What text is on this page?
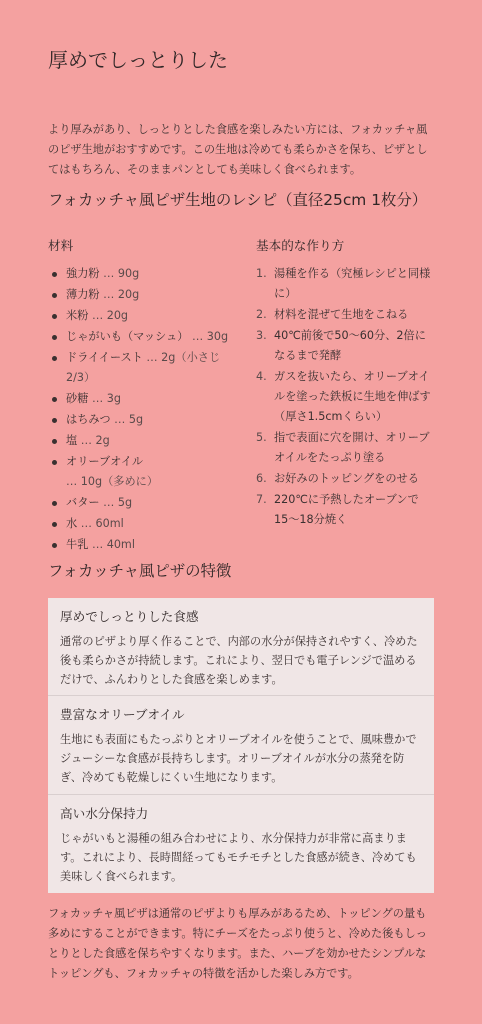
厚めでしっとりした

より厚みがあり、しっとりとした食感を楽しみたい方には、フォカッチャ風のピザ生地がおすすめです。この生地は冷めても柔らかさを保ち、ピザとしてはもちろん、そのままパンとしても美味しく食べられます。

フォカッチャ風ピザ生地のレシピ（直径25cm 1枚分）
材料
強力粉 … 90g
薄力粉 … 20g
米粉 … 20g
じゃがいも（マッシュ） … 30g
ドライイースト … 2g（小さじ2/3）
砂糖 … 3g
はちみつ … 5g
塩 … 2g
オリーブオイル … 10g（多めに）
バター … 5g
水 … 60ml
牛乳 … 40ml
基本的な作り方
1. 湯種を作る（究極レシピと同様に）
2. 材料を混ぜて生地をこねる
3. 40℃前後で50〜60分、2倍になるまで発酵
4. ガスを抜いたら、オリーブオイルを塗った鉄板に生地を伸ばす（厚さ1.5cmくらい）
5. 指で表面に穴を開け、オリーブオイルをたっぷり塗る
6. お好みのトッピングをのせる
7. 220℃に予熱したオーブンで15〜18分焼く
フォカッチャ風ピザの特徴
厚めでしっとりした食感

通常のピザより厚く作ることで、内部の水分が保持されやすく、冷めた後も柔らかさが持続します。これにより、翌日でも電子レンジで温めるだけで、ふんわりとした食感を楽しめます。

豊富なオリーブオイル

生地にも表面にもたっぷりとオリーブオイルを使うことで、風味豊かでジューシーな食感が長持ちします。オリーブオイルが水分の蒸発を防ぎ、冷めても乾燥しにくい生地になります。

高い水分保持力

じゃがいもと湯種の組み合わせにより、水分保持力が非常に高まります。これにより、長時間経ってもモチモチとした食感が続き、冷めても美味しく食べられます。

フォカッチャ風ピザは通常のピザよりも厚みがあるため、トッピングの量も多めにすることができます。特にチーズをたっぷり使うと、冷めた後もしっとりとした食感を保ちやすくなります。また、ハーブを効かせたシンプルなトッピングも、フォカッチャの特徴を活かした楽しみ方です。
